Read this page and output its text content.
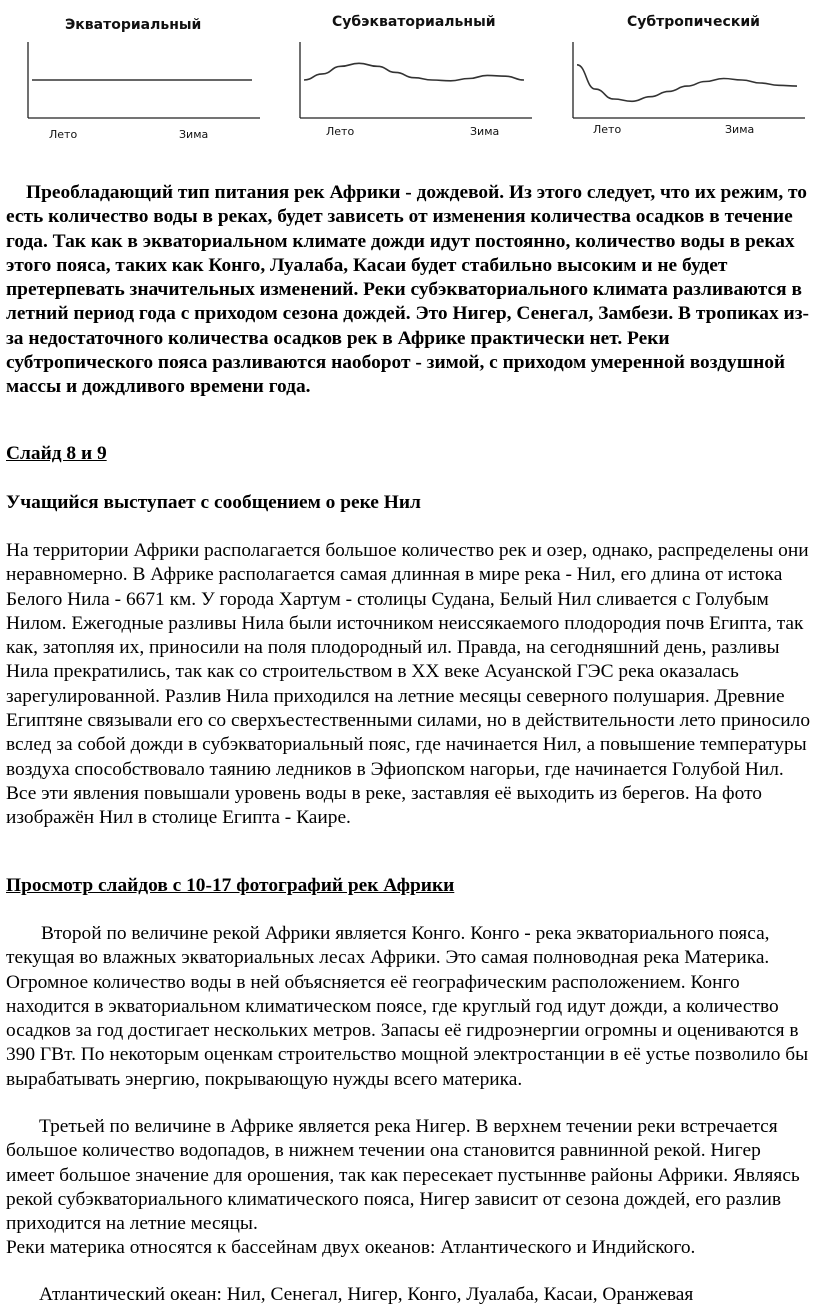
Экваториальный
Лето	Зима
Субэкваториальный
Лето	Зима
Субтропический
Лето	Зима
Преобладающий тип питания рек Африки - дождевой. Из этого следует, что их режим, то есть количество воды в реках, будет зависеть от изменения количества осадков в течение года. Так как в экваториальном климате дожди идут постоянно, количество воды в реках этого пояса, таких как Конго, Луалаба, Касаи будет стабильно высоким и не будет претерпевать значительных изменений. Реки субэкваториального климата разливаются в летний период года с приходом сезона дождей. Это Нигер, Сенегал, Замбези. В тропиках из-за недостаточного количества осадков рек в Африке практически нет. Реки субтропического пояса разливаются наоборот - зимой, с приходом умеренной воздушной массы и дождливого времени года.
Слайд 8 и 9
Учащийся выступает с сообщением о реке Нил
На территории Африки располагается большое количество рек и озер, однако, распределены они неравномерно. В Африке располагается самая длинная в мире река - Нил, его длина от истока Белого Нила - 6671 км. У города Хартум - столицы Судана, Белый Нил сливается с Голубым Нилом. Ежегодные разливы Нила были источником неиссякаемого плодородия почв Египта, так как, затопляя их, приносили на поля плодородный ил. Правда, на сегодняшний день, разливы Нила прекратились, так как со строительством в XX веке Асуанской ГЭС река оказалась зарегулированной. Разлив Нила приходился на летние месяцы северного полушария. Древние Египтяне связывали его со сверхъестественными силами, но в действительности лето приносило вслед за собой дожди в субэкваториальный пояс, где начинается Нил, а повышение температуры воздуха способствовало таянию ледников в Эфиопском нагорьи, где начинается Голубой Нил. Все эти явления повышали уровень воды в реке, заставляя её выходить из берегов. На фото изображён Нил в столице Египта - Каире.
Просмотр слайдов с 10-17 фотографий рек Африки
Второй по величине рекой Африки является Конго. Конго - река экваториального пояса, текущая во влажных экваториальных лесах Африки. Это самая полноводная река Материка. Огромное количество воды в ней объясняется её географическим расположением. Конго находится в экваториальном климатическом поясе, где круглый год идут дожди, а количество осадков за год достигает нескольких метров. Запасы её гидроэнергии огромны и оцениваются в 390 ГВт. По некоторым оценкам строительство мощной электростанции в её устье позволило бы вырабатывать энергию, покрывающую нужды всего материка.
Третьей по величине в Африке является река Нигер. В верхнем течении реки встречается большое количество водопадов, в нижнем течении она становится равнинной рекой. Нигер имеет большое значение для орошения, так как пересекает пустыннве районы Африки. Являясь рекой субэкваториального климатического пояса, Нигер зависит от сезона дождей, его разлив приходится на летние месяцы.
Реки материка относятся к бассейнам двух океанов: Атлантического и Индийского.
Атлантический океан: Нил, Сенегал, Нигер, Конго, Луалаба, Касаи, Оранжевая
